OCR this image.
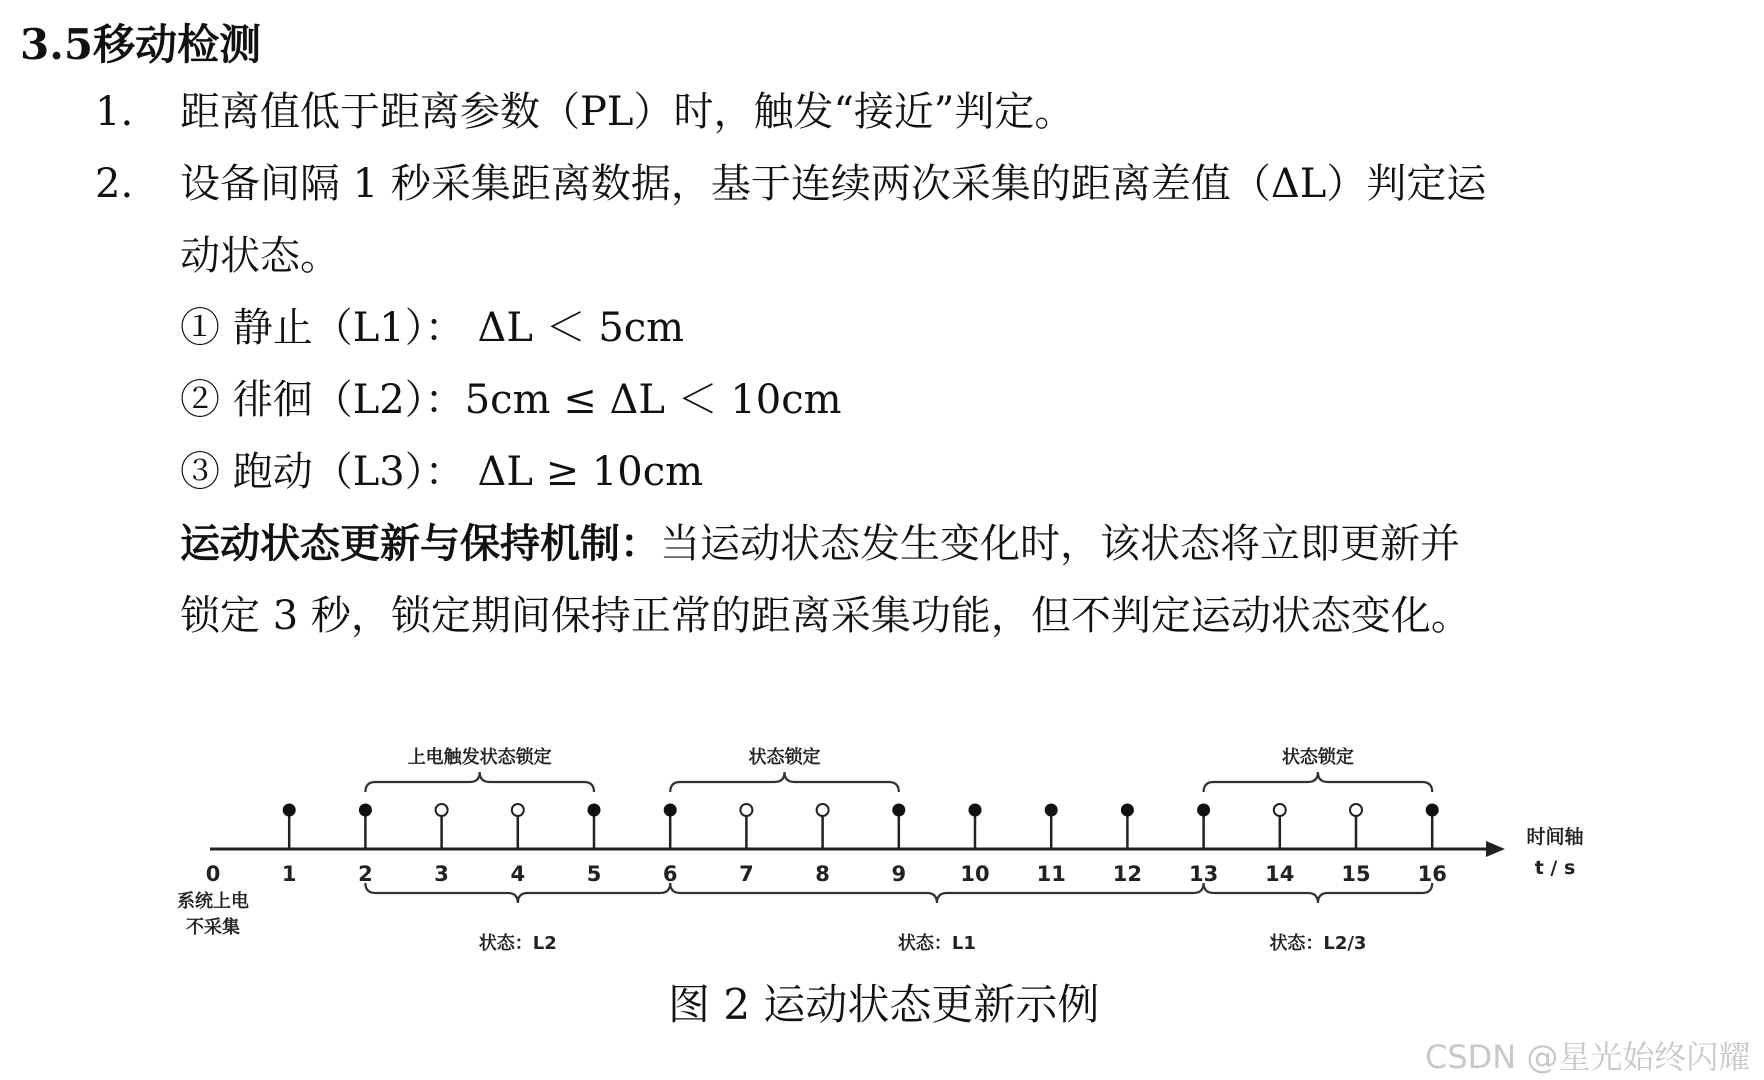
3.5移动检测
1. 距离值低于距离参数（PL）时，触发“接近”判定。
2. 设备间隔 1 秒采集距离数据，基于连续两次采集的距离差值（ΔL）判定运
动状态。
① 静止（L1）： ΔL ＜ 5cm
② 徘徊（L2）：5cm ≤ ΔL ＜ 10cm
③ 跑动（L3）： ΔL ≥ 10cm
运动状态更新与保持机制：当运动状态发生变化时，该状态将立即更新并
锁定 3 秒，锁定期间保持正常的距离采集功能，但不判定运动状态变化。
时间轴
t / s
0	1	2	3	4	5	6	7	8	9	10 11 12 13 14 15 16
系统上电
不采集
上电触发状态锁定	状态锁定	状态锁定
状态：L2	状态：L1	状态：L2/3
图 2 运动状态更新示例
CSDN @星光始终闪耀
